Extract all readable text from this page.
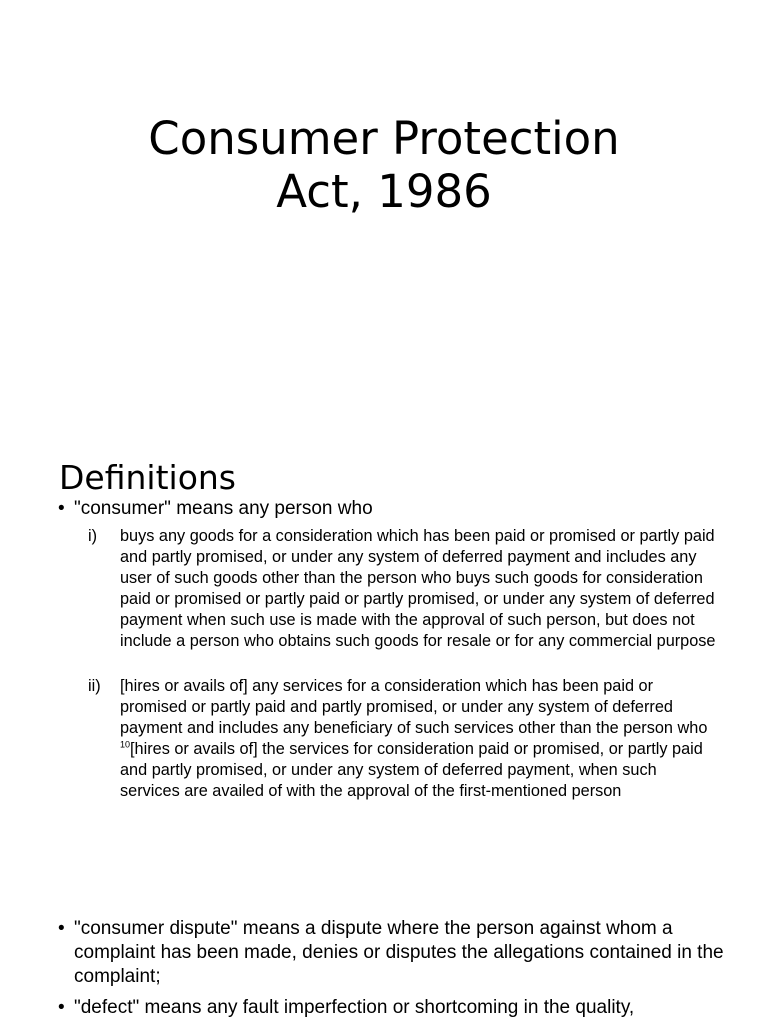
Consumer Protection
Act, 1986
Definitions
• "consumer" means any person who
i) buys any goods for a consideration which has been paid or promised or partly paid and partly promised, or under any system of deferred payment and includes any user of such goods other than the person who buys such goods for consideration paid or promised or partly paid or partly promised, or under any system of deferred payment when such use is made with the approval of such person, but does not include a person who obtains such goods for resale or for any commercial purpose
ii) [hires or avails of] any services for a consideration which has been paid or promised or partly paid and partly promised, or under any system of deferred payment and includes any beneficiary of such services other than the person who $^{10}$[hires or avails of] the services for consideration paid or promised, or partly paid and partly promised, or under any system of deferred payment, when such services are availed of with the approval of the first-mentioned person
• "consumer dispute" means a dispute where the person against whom a complaint has been made, denies or disputes the allegations contained in the complaint;
• "defect" means any fault imperfection or shortcoming in the quality,
